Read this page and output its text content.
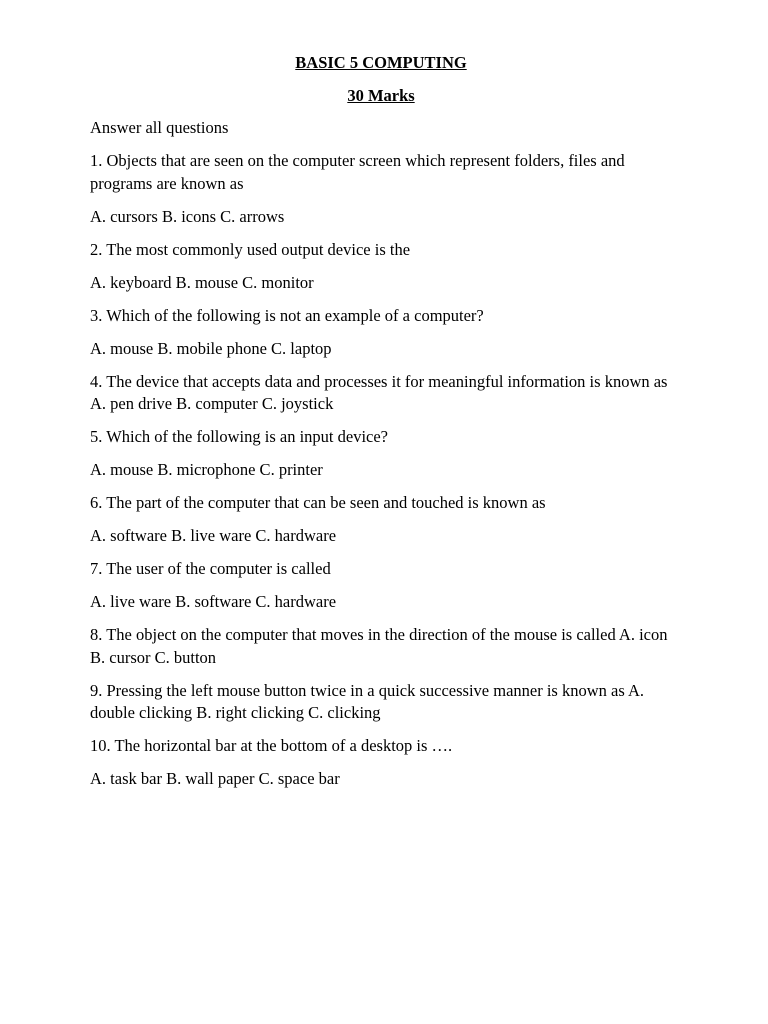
BASIC 5 COMPUTING
30 Marks
Answer all questions
1. Objects that are seen on the computer screen which represent folders, files and programs are known as
A. cursors B. icons C. arrows
2. The most commonly used output device is the
A. keyboard B. mouse C. monitor
3. Which of the following is not an example of a computer?
A. mouse B. mobile phone C. laptop
4. The device that accepts data and processes it for meaningful information is known as A. pen drive B. computer C. joystick
5. Which of the following is an input device?
A. mouse B. microphone C. printer
6. The part of the computer that can be seen and touched is known as
A. software B. live ware C. hardware
7. The user of the computer is called
A. live ware B. software C. hardware
8. The object on the computer that moves in the direction of the mouse is called A. icon B. cursor C. button
9. Pressing the left mouse button twice in a quick successive manner is known as A. double clicking B. right clicking C. clicking
10. The horizontal bar at the bottom of a desktop is ….
A. task bar B. wall paper C. space bar
